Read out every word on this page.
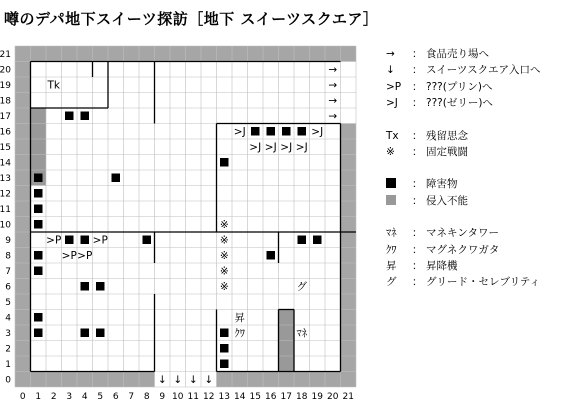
噂のデパ地下スイーツ探訪［地下 スイーツスクエア］
Tk
>J	>J
>J >J >J >J
>P	>P
>P >P
※
※
※
※
※	グ
昇
ｸﾜ	ﾏﾈ
→
→
→
→
↓ ↓ ↓ ↓
0 1 2 3 4 5 6 7 8 9 10 11 12 13 14 15 16 17 18 19 20 21
0
1
2
3
4
5
6
7
8
9
10
11
12
13
14
15
16
17
18
19
20
21	→	： 食品売り場へ
↓	： スイーツスクエア入口へ
>P	： ???(プリン)へ
>J	： ???(ゼリー)へ
Tx	： 残留思念
※	： 固定戦闘
： 障害物
： 侵入不能
ﾏﾈ	： マネキンタワー
ｸﾜ	： マグネクワガタ
昇	： 昇降機
グ	： グリード・セレブリティ
